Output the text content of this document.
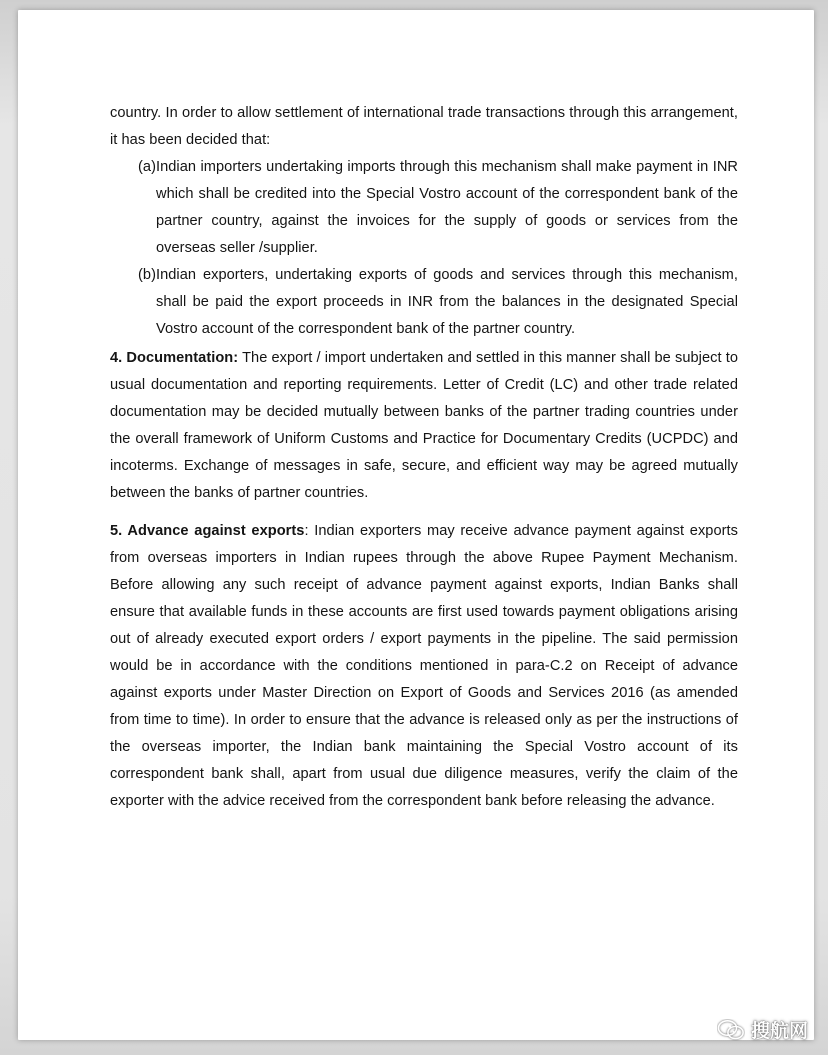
country. In order to allow settlement of international trade transactions through this arrangement, it has been decided that:

(a) Indian importers undertaking imports through this mechanism shall make payment in INR which shall be credited into the Special Vostro account of the correspondent bank of the partner country, against the invoices for the supply of goods or services from the overseas seller /supplier.
(b) Indian exporters, undertaking exports of goods and services through this mechanism, shall be paid the export proceeds in INR from the balances in the designated Special Vostro account of the correspondent bank of the partner country.

4. Documentation: The export / import undertaken and settled in this manner shall be subject to usual documentation and reporting requirements. Letter of Credit (LC) and other trade related documentation may be decided mutually between banks of the partner trading countries under the overall framework of Uniform Customs and Practice for Documentary Credits (UCPDC) and incoterms. Exchange of messages in safe, secure, and efficient way may be agreed mutually between the banks of partner countries.

5. Advance against exports: Indian exporters may receive advance payment against exports from overseas importers in Indian rupees through the above Rupee Payment Mechanism. Before allowing any such receipt of advance payment against exports, Indian Banks shall ensure that available funds in these accounts are first used towards payment obligations arising out of already executed export orders / export payments in the pipeline. The said permission would be in accordance with the conditions mentioned in para-C.2 on Receipt of advance against exports under Master Direction on Export of Goods and Services 2016 (as amended from time to time). In order to ensure that the advance is released only as per the instructions of the overseas importer, the Indian bank maintaining the Special Vostro account of its correspondent bank shall, apart from usual due diligence measures, verify the claim of the exporter with the advice received from the correspondent bank before releasing the advance.

搜航网
